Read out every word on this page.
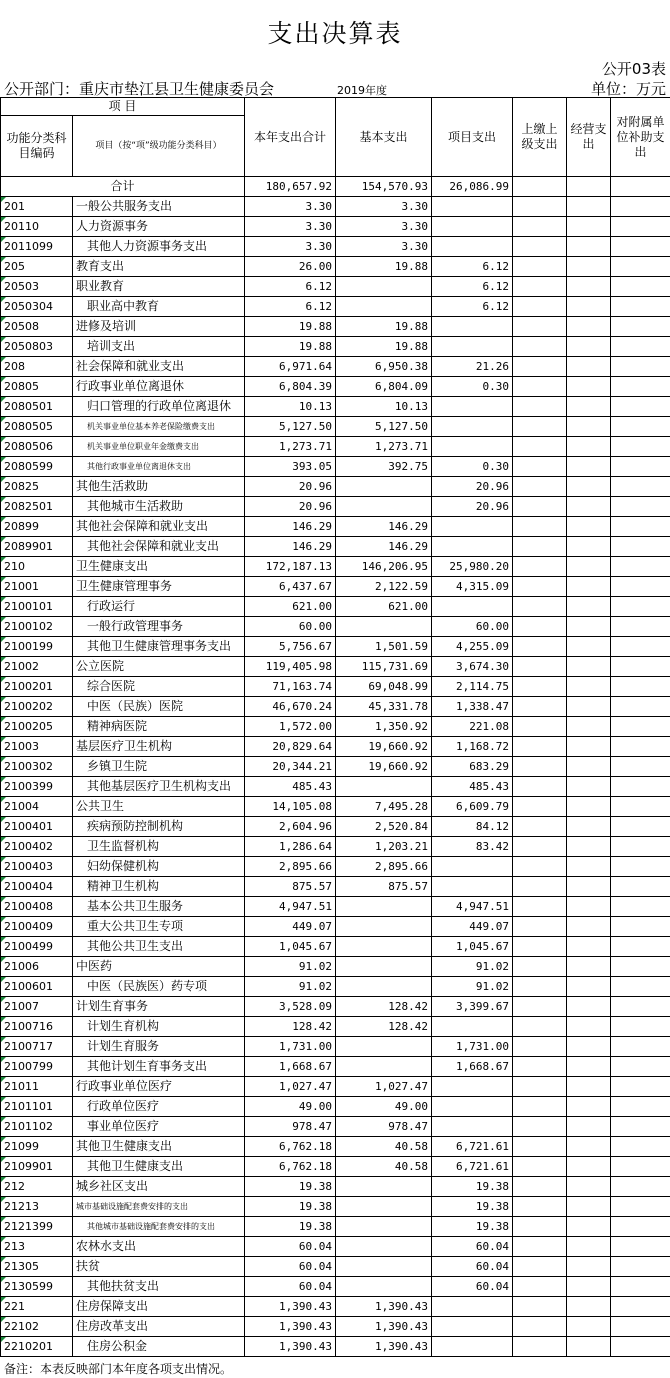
支出决算表
公开03表
公开部门：重庆市垫江县卫生健康委员会	2019年度	单位：万元
项 目		本年支出合计	基本支出	项目支出	上缴上级支出	经营支出	对附属单位补助支出
功能分类科目编码	项目（按“项”级功能分类科目）						

合计		180,657.92	154,570.93	26,086.99			
201	一般公共服务支出	3.30	3.30				
20110	人力资源事务	3.30	3.30				
2011099	其他人力资源事务支出	3.30	3.30				
205	教育支出	26.00	19.88	6.12			
20503	职业教育	6.12		6.12			
2050304	职业高中教育	6.12		6.12			
20508	进修及培训	19.88	19.88				
2050803	培训支出	19.88	19.88				
208	社会保障和就业支出	6,971.64	6,950.38	21.26			
20805	行政事业单位离退休	6,804.39	6,804.09	0.30			
2080501	归口管理的行政单位离退休	10.13	10.13				
2080505	机关事业单位基本养老保险缴费支出	5,127.50	5,127.50				
2080506	机关事业单位职业年金缴费支出	1,273.71	1,273.71				
2080599	其他行政事业单位离退休支出	393.05	392.75	0.30			
20825	其他生活救助	20.96		20.96			
2082501	其他城市生活救助	20.96		20.96			
20899	其他社会保障和就业支出	146.29	146.29				
2089901	其他社会保障和就业支出	146.29	146.29				
210	卫生健康支出	172,187.13	146,206.95	25,980.20			
21001	卫生健康管理事务	6,437.67	2,122.59	4,315.09			
2100101	行政运行	621.00	621.00				
2100102	一般行政管理事务	60.00		60.00			
2100199	其他卫生健康管理事务支出	5,756.67	1,501.59	4,255.09			
21002	公立医院	119,405.98	115,731.69	3,674.30			
2100201	综合医院	71,163.74	69,048.99	2,114.75			
2100202	中医（民族）医院	46,670.24	45,331.78	1,338.47			
2100205	精神病医院	1,572.00	1,350.92	221.08			
21003	基层医疗卫生机构	20,829.64	19,660.92	1,168.72			
2100302	乡镇卫生院	20,344.21	19,660.92	683.29			
2100399	其他基层医疗卫生机构支出	485.43		485.43			
21004	公共卫生	14,105.08	7,495.28	6,609.79			
2100401	疾病预防控制机构	2,604.96	2,520.84	84.12			
2100402	卫生监督机构	1,286.64	1,203.21	83.42			
2100403	妇幼保健机构	2,895.66	2,895.66				
2100404	精神卫生机构	875.57	875.57				
2100408	基本公共卫生服务	4,947.51		4,947.51			
2100409	重大公共卫生专项	449.07		449.07			
2100499	其他公共卫生支出	1,045.67		1,045.67			
21006	中医药	91.02		91.02			
2100601	中医（民族医）药专项	91.02		91.02			
21007	计划生育事务	3,528.09	128.42	3,399.67			
2100716	计划生育机构	128.42	128.42				
2100717	计划生育服务	1,731.00		1,731.00			
2100799	其他计划生育事务支出	1,668.67		1,668.67			
21011	行政事业单位医疗	1,027.47	1,027.47				
2101101	行政单位医疗	49.00	49.00				
2101102	事业单位医疗	978.47	978.47				
21099	其他卫生健康支出	6,762.18	40.58	6,721.61			
2109901	其他卫生健康支出	6,762.18	40.58	6,721.61			
212	城乡社区支出	19.38		19.38			
21213	城市基础设施配套费安排的支出	19.38		19.38			
2121399	其他城市基础设施配套费安排的支出	19.38		19.38			
213	农林水支出	60.04		60.04			
21305	扶贫	60.04		60.04			
2130599	其他扶贫支出	60.04		60.04			
221	住房保障支出	1,390.43	1,390.43				
22102	住房改革支出	1,390.43	1,390.43				
2210201	住房公积金	1,390.43	1,390.43				
备注：本表反映部门本年度各项支出情况。
